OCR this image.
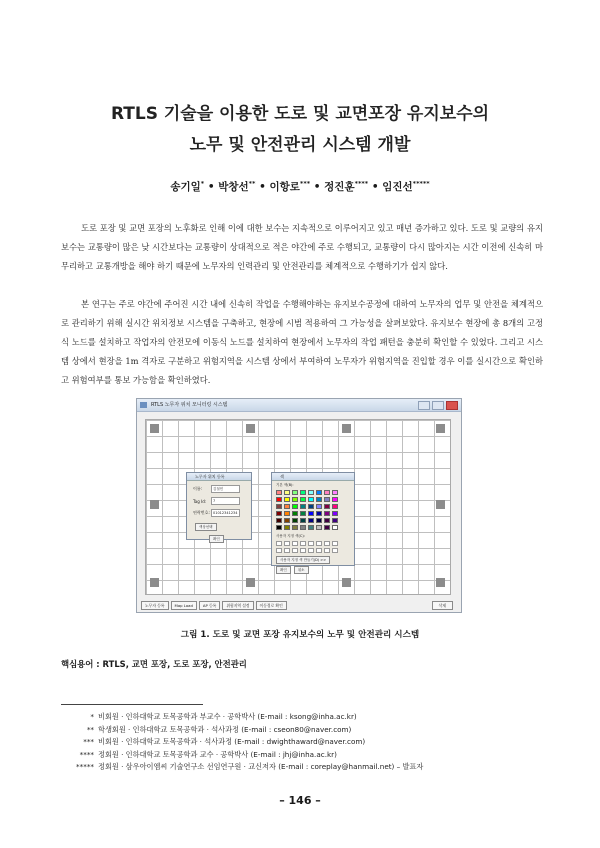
RTLS 기술을 이용한 도로 및 교면포장 유지보수의
노무 및 안전관리 시스템 개발
송기일* • 박창선** • 이항로*** • 정진훈**** • 임진선*****

도로 포장 및 교면 포장의 노후화로 인해 이에 대한 보수는 지속적으로 이루어지고 있고 매년 증가하고 있다. 도로 및 교량의 유지보수는 교통량이 많은 낮 시간보다는 교통량이 상대적으로 적은 야간에 주로 수행되고, 교통량이 다시 많아지는 시간 이전에 신속히 마무리하고 교통개방을 해야 하기 때문에 노무자의 인력관리 및 안전관리를 체계적으로 수행하기가 쉽지 않다.

본 연구는 주로 야간에 주어진 시간 내에 신속히 작업을 수행해야하는 유지보수공정에 대하여 노무자의 업무 및 안전을 체계적으로 관리하기 위해 실시간 위치정보 시스템을 구축하고, 현장에 시범 적용하여 그 가능성을 살펴보았다. 유지보수 현장에 총 8개의 고정식 노드를 설치하고 작업자의 안전모에 이동식 노드를 설치하여 현장에서 노무자의 작업 패턴을 충분히 확인할 수 있었다. 그리고 시스템 상에서 현장을 1m 격자로 구분하고 위험지역을 시스템 상에서 부여하여 노무자가 위험지역을 진입할 경우 이를 실시간으로 확인하고 위험여부를 통보 가능함을 확인하였다.

RTLS 노무자 위치 모니터링 시스템
노무자 위치 등록
이름:	김철민
Tag Id:	7
연락번호: 01012341234
색상선택
확인
색
기본 색(B):
사용자 지정 색(C):
사용자 지정 색 만들기(D) >>
확인	취소
노무자 등록	Map Load	AP 등록	위험지역 설정	이동경로 확인	삭제
그림 1. 도로 및 교면 포장 유지보수의 노무 및 안전관리 시스템
핵심용어 : RTLS, 교면 포장, 도로 포장, 안전관리
* 비회원 · 인하대학교 토목공학과 부교수 · 공학박사 (E-mail : ksong@inha.ac.kr)
** 학생회원 · 인하대학교 토목공학과 · 석사과정 (E-mail : cseon80@naver.com)
*** 비회원 · 인하대학교 토목공학과 · 석사과정 (E-mail : dwighthaward@naver.com)
**** 정회원 · 인하대학교 토목공학과 교수 · 공학박사 (E-mail : jhj@inha.ac.kr)
***** 정회원 · 삼우아이엠씨 기술연구소 선임연구원 · 교신저자 (E-mail : coreplay@hanmail.net) – 발표자
– 146 –
